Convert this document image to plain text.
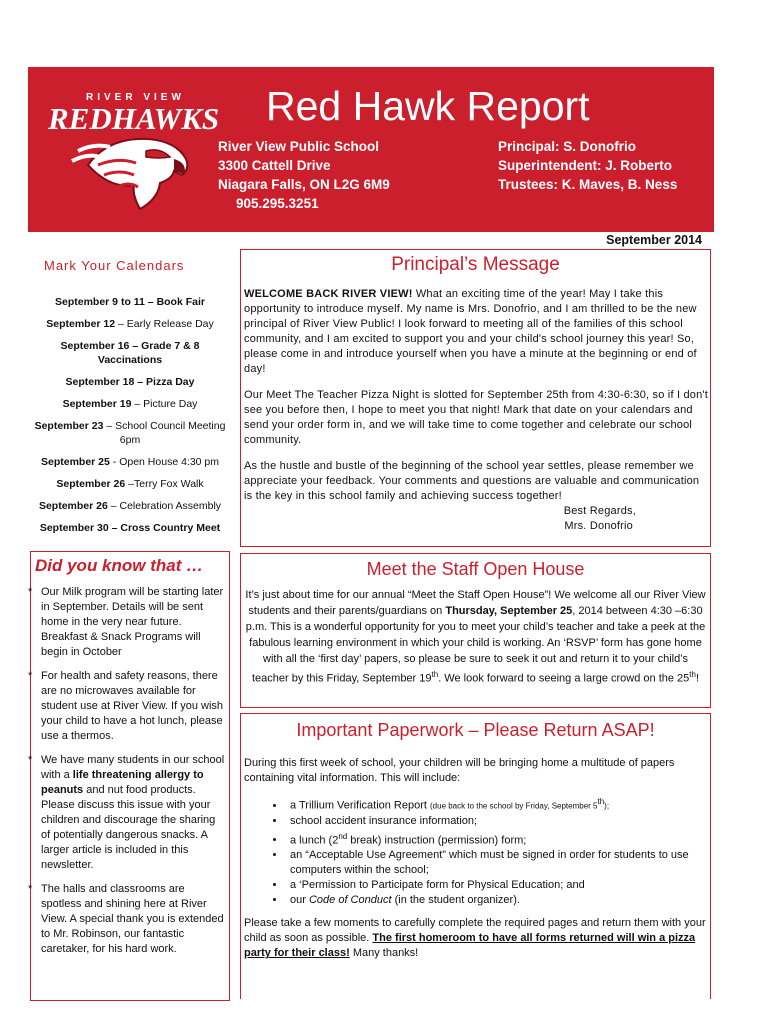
RIVER VIEW
REDHAWKS Red Hawk Report
River View Public School
3300 Cattell Drive
Niagara Falls, ON L2G 6M9
905.295.3251
Principal: S. Donofrio
Superintendent: J. Roberto
Trustees: K. Maves, B. Ness
September 2014
Mark Your Calendars
September 9 to 11 – Book Fair
September 12 – Early Release Day
September 16 – Grade 7 & 8 Vaccinations
September 18 – Pizza Day
September 19 – Picture Day
September 23 – School Council Meeting 6pm
September 25 - Open House 4:30 pm
September 26 –Terry Fox Walk
September 26 – Celebration Assembly
September 30 – Cross Country Meet
Principal’s Message

WELCOME BACK RIVER VIEW! What an exciting time of the year! May I take this opportunity to introduce myself. My name is Mrs. Donofrio, and I am thrilled to be the new principal of River View Public! I look forward to meeting all of the families of this school community, and I am excited to support you and your child's school journey this year! So, please come in and introduce yourself when you have a minute at the beginning or end of day!

Our Meet The Teacher Pizza Night is slotted for September 25th from 4:30-6:30, so if I don't see you before then, I hope to meet you that night! Mark that date on your calendars and send your order form in, and we will take time to come together and celebrate our school community.

As the hustle and bustle of the beginning of the school year settles, please remember we appreciate your feedback. Your comments and questions are valuable and communication is the key in this school family and achieving success together!

Best Regards,
Mrs. Donofrio
Did you know that …
* Our Milk program will be starting later in September. Details will be sent home in the very near future. Breakfast & Snack Programs will begin in October
* For health and safety reasons, there are no microwaves available for student use at River View. If you wish your child to have a hot lunch, please use a thermos.
* We have many students in our school with a life threatening allergy to peanuts and nut food products. Please discuss this issue with your children and discourage the sharing of potentially dangerous snacks. A larger article is included in this newsletter.
* The halls and classrooms are spotless and shining here at River View. A special thank you is extended to Mr. Robinson, our fantastic caretaker, for his hard work.
Meet the Staff Open House
It’s just about time for our annual “Meet the Staff Open House”! We welcome all our River View students and their parents/guardians on Thursday, September 25, 2014 between 4:30 –6:30 p.m. This is a wonderful opportunity for you to meet your child’s teacher and take a peek at the fabulous learning environment in which your child is working. An ‘RSVP’ form has gone home with all the ‘first day’ papers, so please be sure to seek it out and return it to your child’s teacher by this Friday, September 19th. We look forward to seeing a large crowd on the 25th!
Important Paperwork – Please Return ASAP!
During this first week of school, your children will be bringing home a multitude of papers containing vital information. This will include:
• a Trillium Verification Report (due back to the school by Friday, September 5th);
• school accident insurance information;
• a lunch (2nd break) instruction (permission) form;
• an “Acceptable Use Agreement” which must be signed in order for students to use computers within the school;
• a ‘Permission to Participate form for Physical Education; and
• our Code of Conduct (in the student organizer).
Please take a few moments to carefully complete the required pages and return them with your child as soon as possible. The first homeroom to have all forms returned will win a pizza party for their class! Many thanks!
